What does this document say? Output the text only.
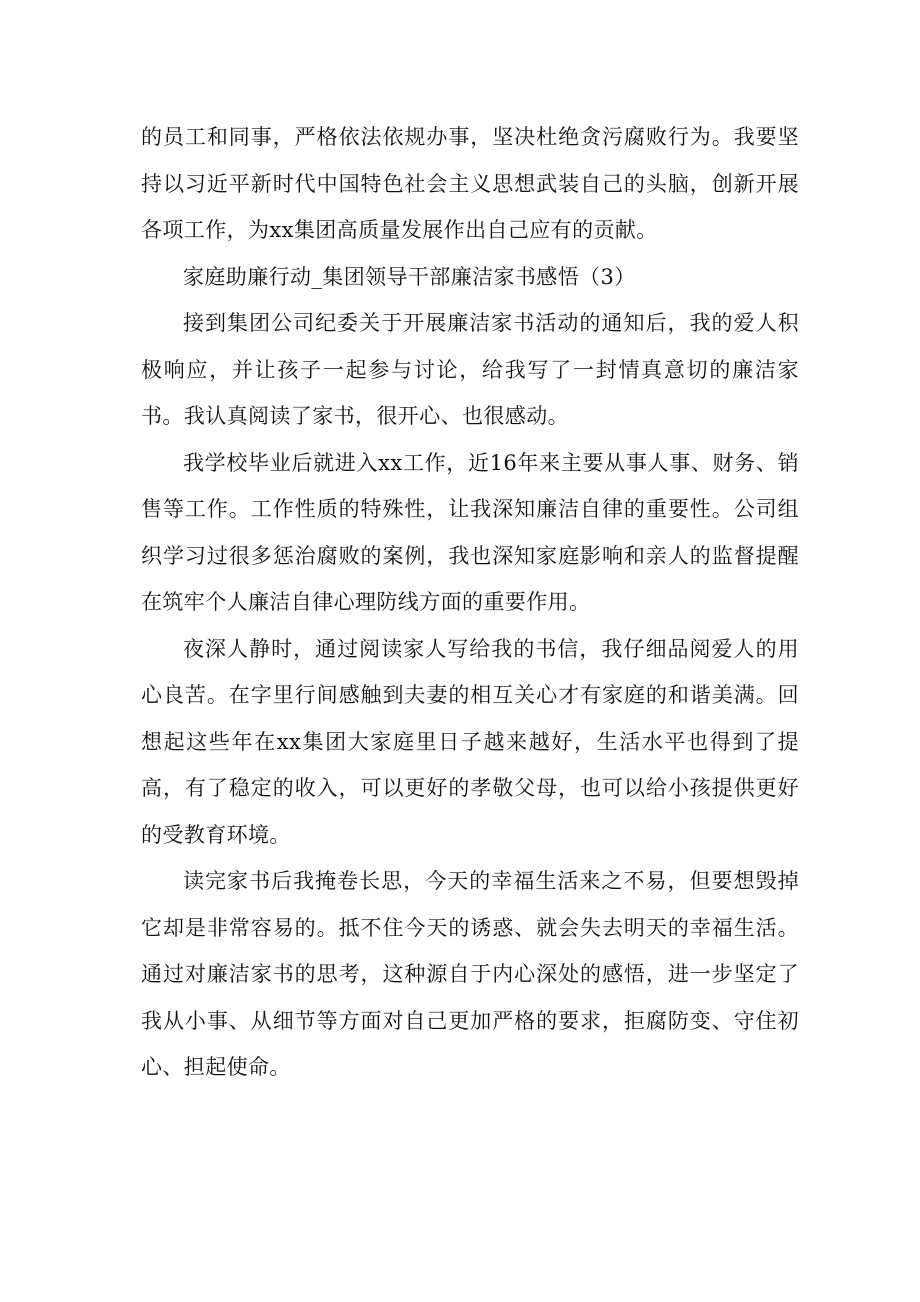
的员工和同事，严格依法依规办事，坚决杜绝贪污腐败行为。我要坚持以习近平新时代中国特色社会主义思想武装自己的头脑，创新开展各项工作，为xx集团高质量发展作出自己应有的贡献。

家庭助廉行动_集团领导干部廉洁家书感悟（3）

接到集团公司纪委关于开展廉洁家书活动的通知后，我的爱人积极响应，并让孩子一起参与讨论，给我写了一封情真意切的廉洁家书。我认真阅读了家书，很开心、也很感动。

我学校毕业后就进入xx工作，近16年来主要从事人事、财务、销售等工作。工作性质的特殊性，让我深知廉洁自律的重要性。公司组织学习过很多惩治腐败的案例，我也深知家庭影响和亲人的监督提醒在筑牢个人廉洁自律心理防线方面的重要作用。

夜深人静时，通过阅读家人写给我的书信，我仔细品阅爱人的用心良苦。在字里行间感触到夫妻的相互关心才有家庭的和谐美满。回想起这些年在xx集团大家庭里日子越来越好，生活水平也得到了提高，有了稳定的收入，可以更好的孝敬父母，也可以给小孩提供更好的受教育环境。

读完家书后我掩卷长思，今天的幸福生活来之不易，但要想毁掉它却是非常容易的。抵不住今天的诱惑、就会失去明天的幸福生活。通过对廉洁家书的思考，这种源自于内心深处的感悟，进一步坚定了我从小事、从细节等方面对自己更加严格的要求，拒腐防变、守住初心、担起使命。
